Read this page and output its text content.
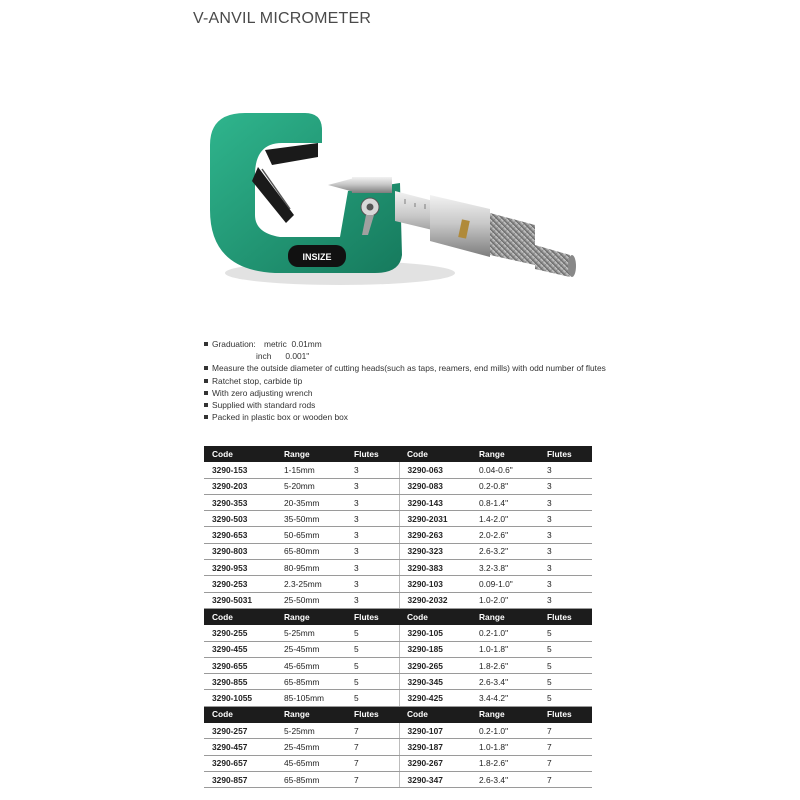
V-ANVIL MICROMETER
INSIZE
Graduation: metric 0.01mm
inch 0.001"
Measure the outside diameter of cutting heads(such as taps, reamers, end mills) with odd number of flutes
Ratchet stop, carbide tip
With zero adjusting wrench
Supplied with standard rods
Packed in plastic box or wooden box
Code	Range	Flutes	Code	Range	Flutes
3290-153	1-15mm	3	3290-063	0.04-0.6"	3
3290-203	5-20mm	3	3290-083	0.2-0.8"	3
3290-353	20-35mm	3	3290-143	0.8-1.4"	3
3290-503	35-50mm	3	3290-2031	1.4-2.0"	3
3290-653	50-65mm	3	3290-263	2.0-2.6"	3
3290-803	65-80mm	3	3290-323	2.6-3.2"	3
3290-953	80-95mm	3	3290-383	3.2-3.8"	3
3290-253	2.3-25mm	3	3290-103	0.09-1.0"	3
3290-5031	25-50mm	3	3290-2032	1.0-2.0"	3
Code	Range	Flutes	Code	Range	Flutes
3290-255	5-25mm	5	3290-105	0.2-1.0"	5
3290-455	25-45mm	5	3290-185	1.0-1.8"	5
3290-655	45-65mm	5	3290-265	1.8-2.6"	5
3290-855	65-85mm	5	3290-345	2.6-3.4"	5
3290-1055	85-105mm	5	3290-425	3.4-4.2"	5
Code	Range	Flutes	Code	Range	Flutes
3290-257	5-25mm	7	3290-107	0.2-1.0"	7
3290-457	25-45mm	7	3290-187	1.0-1.8"	7
3290-657	45-65mm	7	3290-267	1.8-2.6"	7
3290-857	65-85mm	7	3290-347	2.6-3.4"	7
